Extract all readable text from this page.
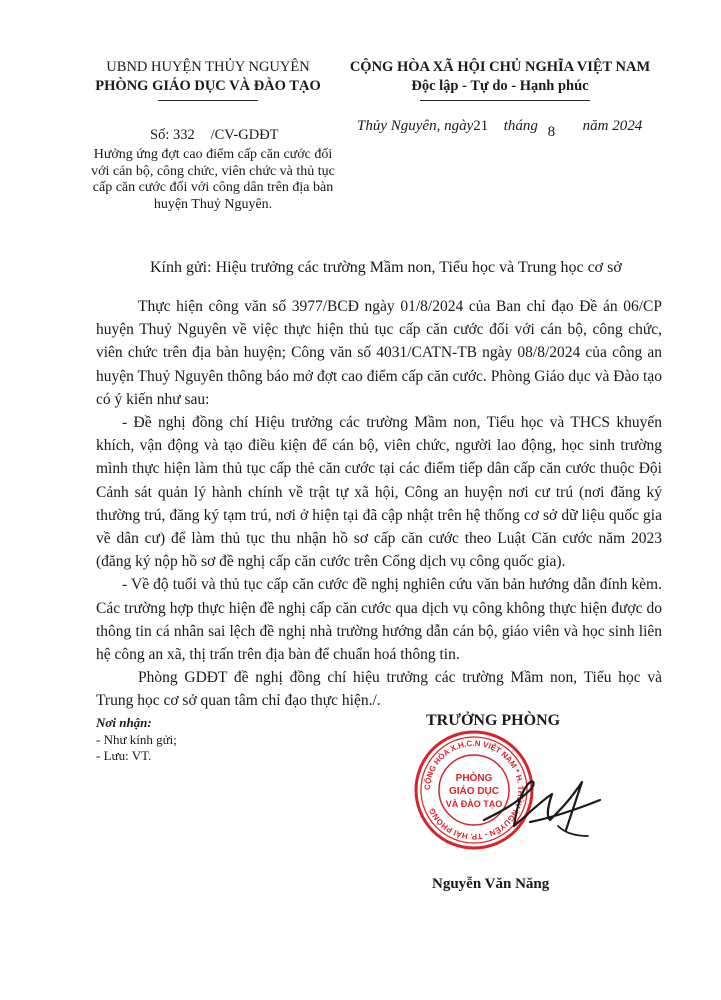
UBND HUYỆN THỦY NGUYÊN
PHÒNG GIÁO DỤC VÀ ĐÀO TẠO
CỘNG HÒA XÃ HỘI CHỦ NGHĨA VIỆT NAM
Độc lập - Tự do - Hạnh phúc
Số: 332 /CV-GDĐT
Hưởng ứng đợt cao điểm cấp căn cước đối với cán bộ, công chức, viên chức và thủ tục cấp căn cước đối với công dân trên địa bàn huyện Thuỷ Nguyên.
Thủy Nguyên, ngày21 tháng 8 năm 2024
Kính gửi: Hiệu trưởng các trường Mầm non, Tiểu học và Trung học cơ sở

Thực hiện công văn số 3977/BCĐ ngày 01/8/2024 của Ban chỉ đạo Đề án 06/CP huyện Thuỷ Nguyên về việc thực hiện thủ tục cấp căn cước đối với cán bộ, công chức, viên chức trên địa bàn huyện; Công văn số 4031/CATN-TB ngày 08/8/2024 của công an huyện Thuỷ Nguyên thông báo mở đợt cao điểm cấp căn cước. Phòng Giáo dục và Đào tạo có ý kiến như sau:

- Đề nghị đồng chí Hiệu trưởng các trường Mầm non, Tiểu học và THCS khuyến khích, vận động và tạo điều kiện để cán bộ, viên chức, người lao động, học sinh trường mình thực hiện làm thủ tục cấp thẻ căn cước tại các điểm tiếp dân cấp căn cước thuộc Đội Cảnh sát quản lý hành chính về trật tự xã hội, Công an huyện nơi cư trú (nơi đăng ký thường trú, đăng ký tạm trú, nơi ở hiện tại đã cập nhật trên hệ thống cơ sở dữ liệu quốc gia về dân cư) để làm thủ tục thu nhận hồ sơ cấp căn cước theo Luật Căn cước năm 2023 (đăng ký nộp hồ sơ đề nghị cấp căn cước trên Cổng dịch vụ công quốc gia).

- Về độ tuổi và thủ tục cấp căn cước đề nghị nghiên cứu văn bản hướng dẫn đính kèm. Các trường hợp thực hiện đề nghị cấp căn cước qua dịch vụ công không thực hiện được do thông tin cá nhân sai lệch đề nghị nhà trường hướng dẫn cán bộ, giáo viên và học sinh liên hệ công an xã, thị trấn trên địa bàn để chuẩn hoá thông tin.

Phòng GDĐT đề nghị đồng chí hiệu trưởng các trường Mầm non, Tiểu học và Trung học cơ sở quan tâm chỉ đạo thực hiện./.

Nơi nhận:
- Như kính gửi;
- Lưu: VT.
TRƯỞNG PHÒNG
CỘNG HÒA X.H.C.N VIỆT NAM * H. THỦY NGUYÊN - TP. HẢI PHÒNG
PHÒNG
GIÁO DỤC
VÀ ĐÀO TẠO
Nguyễn Văn Năng
